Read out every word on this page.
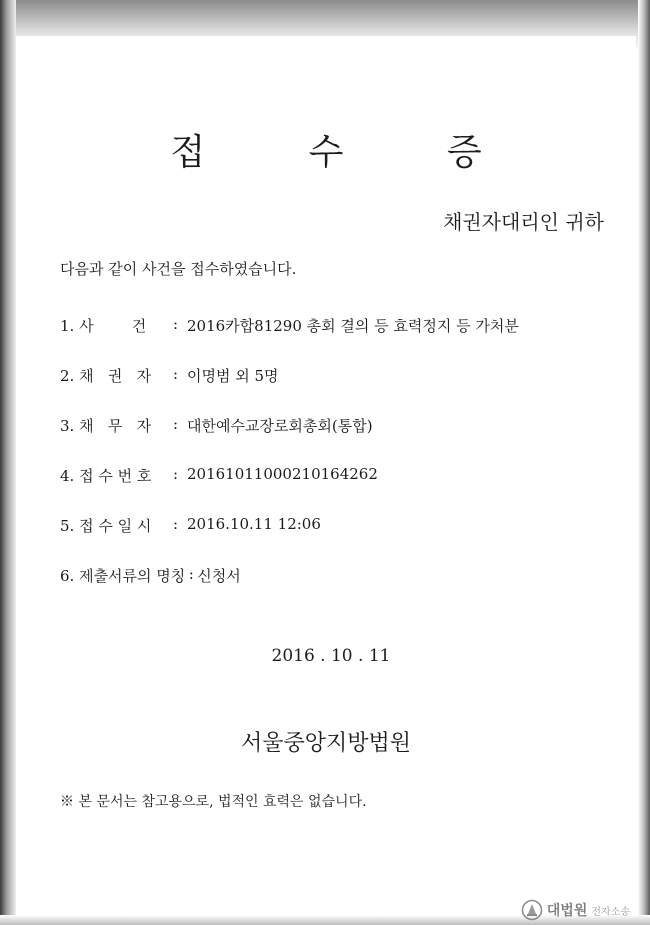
접 수 증
채권자대리인 귀하
다음과 같이 사건을 접수하였습니다.
1. 사        건	: 2016카합81290 총회 결의 등 효력정지 등 가처분
2. 채   권   자	: 이명범 외 5명
3. 채   무   자	: 대한예수교장로회총회(통합)
4. 접 수 번 호	: 20161011000210164262
5. 접 수 일 시	: 2016.10.11 12:06
6. 제출서류의 명칭 : 신청서
2016 . 10 . 11
서울중앙지방법원
※ 본 문서는 참고용으로, 법적인 효력은 없습니다.
대법원 전자소송
